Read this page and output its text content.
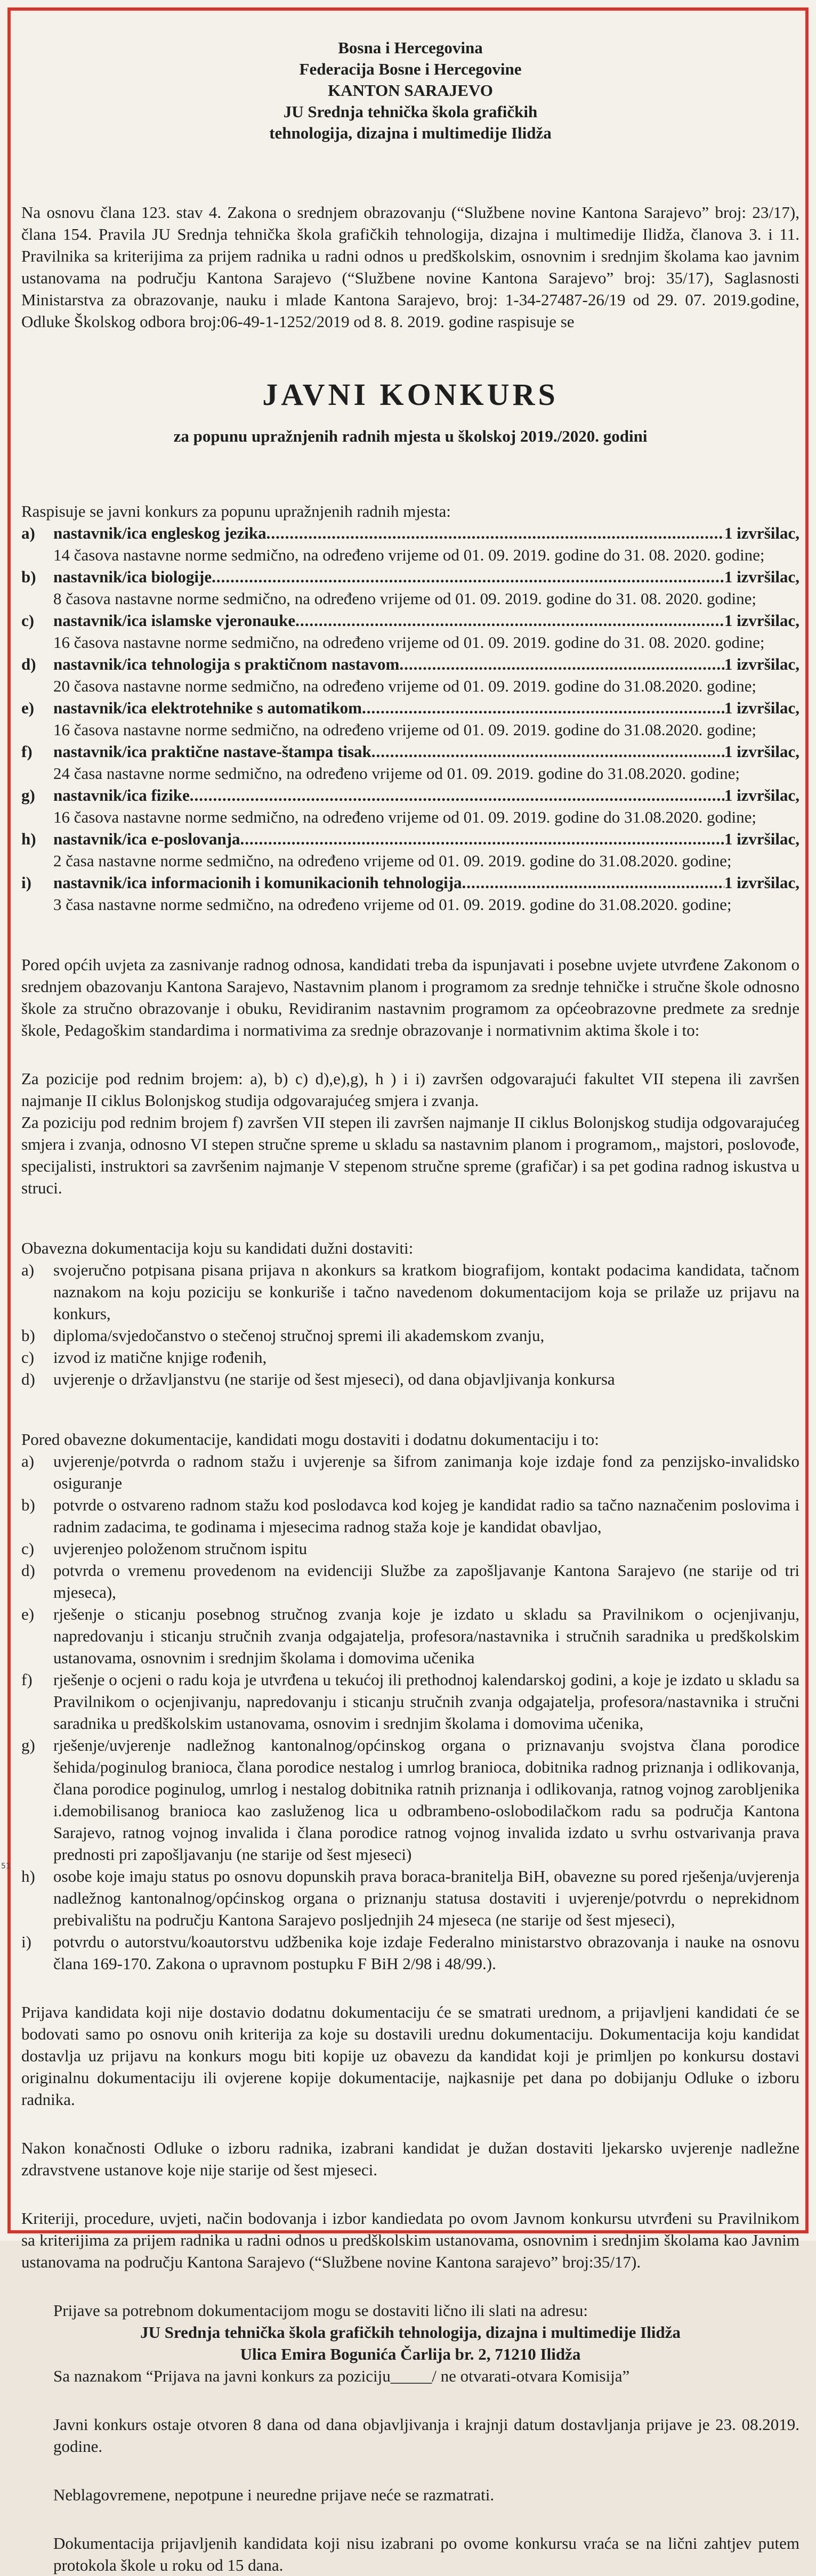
Bosna i Hercegovina
Federacija Bosne i Hercegovine
KANTON SARAJEVO
JU Srednja tehnička škola grafičkih
tehnologija, dizajna i multimedije Ilidža

Na osnovu člana 123. stav 4. Zakona o srednjem obrazovanju (“Službene novine Kantona Sarajevo” broj: 23/17), člana 154. Pravila JU Srednja tehnička škola grafičkih tehnologija, dizajna i multimedije Ilidža, članova 3. i 11. Pravilnika sa kriterijima za prijem radnika u radni odnos u predškolskim, osnovnim i srednjim školama kao javnim ustanovama na području Kantona Sarajevo (“Službene novine Kantona Sarajevo” broj: 35/17), Saglasnosti Ministarstva za obrazovanje, nauku i mlade Kantona Sarajevo, broj: 1-34-27487-26/19 od 29. 07. 2019.godine, Odluke Školskog odbora broj:06-49-1-1252/2019 od 8. 8. 2019. godine raspisuje se

JAVNI KONKURS
za popunu upražnjenih radnih mjesta u školskoj 2019./2020. godini

Raspisuje se javni konkurs za popunu upražnjenih radnih mjesta:

a)	nastavnik/ica engleskog jezika .....	1 izvršilac,
14 časova nastavne norme sedmično, na određeno vrijeme od 01. 09. 2019. godine do 31. 08. 2020. godine;
b)	nastavnik/ica biologije .....	1 izvršilac,
8 časova nastavne norme sedmično, na određeno vrijeme od 01. 09. 2019. godine do 31. 08. 2020. godine;
c)	nastavnik/ica islamske vjeronauke .....	1 izvršilac,
16 časova nastavne norme sedmično, na određeno vrijeme od 01. 09. 2019. godine do 31. 08. 2020. godine;
d)	nastavnik/ica tehnologija s praktičnom nastavom .....	1 izvršilac,
20 časova nastavne norme sedmično, na određeno vrijeme od 01. 09. 2019. godine do 31.08.2020. godine;
e)	nastavnik/ica elektrotehnike s automatikom .....	1 izvršilac,
16 časova nastavne norme sedmično, na određeno vrijeme od 01. 09. 2019. godine do 31.08.2020. godine;
f)	nastavnik/ica praktične nastave-štampa tisak .....	1 izvršilac,
24 časa nastavne norme sedmično, na određeno vrijeme od 01. 09. 2019. godine do 31.08.2020. godine;
g)	nastavnik/ica fizike .....	1 izvršilac,
16 časova nastavne norme sedmično, na određeno vrijeme od 01. 09. 2019. godine do 31.08.2020. godine;
h)	nastavnik/ica e-poslovanja .....	1 izvršilac,
2 časa nastavne norme sedmično, na određeno vrijeme od 01. 09. 2019. godine do 31.08.2020. godine;
i)	nastavnik/ica informacionih i komunikacionih tehnologija .....	1 izvršilac,
3 časa nastavne norme sedmično, na određeno vrijeme od 01. 09. 2019. godine do 31.08.2020. godine;

Pored općih uvjeta za zasnivanje radnog odnosa, kandidati treba da ispunjavati i posebne uvjete utvrđene Zakonom o srednjem obazovanju Kantona Sarajevo, Nastavnim planom i programom za srednje tehničke i stručne škole odnosno škole za stručno obrazovanje i obuku, Revidiranim nastavnim programom za općeobrazovne predmete za srednje škole, Pedagoškim standardima i normativima za srednje obrazovanje i normativnim aktima škole i to:

Za pozicije pod rednim brojem: a), b) c) d),e),g), h ) i i) završen odgovarajući fakultet VII stepena ili završen najmanje II ciklus Bolonjskog studija odgovarajućeg smjera i zvanja.

Za poziciju pod rednim brojem f) završen VII stepen ili završen najmanje II ciklus Bolonjskog studija odgovarajućeg smjera i zvanja, odnosno VI stepen stručne spreme u skladu sa nastavnim planom i programom,, majstori, poslovođe, specijalisti, instruktori sa završenim najmanje V stepenom stručne spreme (grafičar) i sa pet godina radnog iskustva u struci.

Obavezna dokumentacija koju su kandidati dužni dostaviti:

a)	svojeručno potpisana pisana prijava n akonkurs sa kratkom biografijom, kontakt podacima kandidata, tačnom naznakom na koju poziciju se konkuriše i tačno navedenom dokumentacijom koja se prilaže uz prijavu na konkurs,
b)	diploma/svjedočanstvo o stečenoj stručnoj spremi ili akademskom zvanju,
c)	izvod iz matične knjige rođenih,
d)	uvjerenje o državljanstvu (ne starije od šest mjeseci), od dana objavljivanja konkursa

Pored obavezne dokumentacije, kandidati mogu dostaviti i dodatnu dokumentaciju i to:

a)	uvjerenje/potvrda o radnom stažu i uvjerenje sa šifrom zanimanja koje izdaje fond za penzijsko-invalidsko osiguranje
b)	potvrde o ostvareno radnom stažu kod poslodavca kod kojeg je kandidat radio sa tačno naznačenim poslovima i radnim zadacima, te godinama i mjesecima radnog staža koje je kandidat obavljao,
c)	uvjerenjeo položenom stručnom ispitu
d)	potvrda o vremenu provedenom na evidenciji Službe za zapošljavanje Kantona Sarajevo (ne starije od tri mjeseca),
e)	rješenje o sticanju posebnog stručnog zvanja koje je izdato u skladu sa Pravilnikom o ocjenjivanju, napredovanju i sticanju stručnih zvanja odgajatelja, profesora/nastavnika i stručnih saradnika u predškolskim ustanovama, osnovnim i srednjim školama i domovima učenika
f)	rješenje o ocjeni o radu koja je utvrđena u tekućoj ili prethodnoj kalendarskoj godini, a koje je izdato u skladu sa Pravilnikom o ocjenjivanju, napredovanju i sticanju stručnih zvanja odgajatelja, profesora/nastavnika i stručni saradnika u predškolskim ustanovama, osnovim i srednjim školama i domovima učenika,
g)	rješenje/uvjerenje nadležnog kantonalnog/općinskog organa o priznavanju svojstva člana porodice šehida/poginulog branioca, člana porodice nestalog i umrlog branioca, dobitnika radnog priznanja i odlikovanja, člana porodice poginulog, umrlog i nestalog dobitnika ratnih priznanja i odlikovanja, ratnog vojnog zarobljenika i.demobilisanog branioca kao zasluženog lica u odbrambeno-oslobodilačkom radu sa područja Kantona Sarajevo, ratnog vojnog invalida i člana porodice ratnog vojnog invalida izdato u svrhu ostvarivanja prava prednosti pri zapošljavanju (ne starije od šest mjeseci)
h)	osobe koje imaju status po osnovu dopunskih prava boraca-branitelja BiH, obavezne su pored rješenja/uvjerenja nadležnog kantonalnog/općinskog organa o priznanju statusa dostaviti i uvjerenje/potvrdu o neprekidnom prebivalištu na području Kantona Sarajevo posljednjih 24 mjeseca (ne starije od šest mjeseci),
i)	potvrdu o autorstvu/koautorstvu udžbenika koje izdaje Federalno ministarstvo obrazovanja i nauke na osnovu člana 169-170. Zakona o upravnom postupku F BiH 2/98 i 48/99.).

Prijava kandidata koji nije dostavio dodatnu dokumentaciju će se smatrati urednom, a prijavljeni kandidati će se bodovati samo po osnovu onih kriterija za koje su dostavili urednu dokumentaciju. Dokumentacija koju kandidat dostavlja uz prijavu na konkurs mogu biti kopije uz obavezu da kandidat koji je primljen po konkursu dostavi originalnu dokumentaciju ili ovjerene kopije dokumentacije, najkasnije pet dana po dobijanju Odluke o izboru radnika.

Nakon konačnosti Odluke o izboru radnika, izabrani kandidat je dužan dostaviti ljekarsko uvjerenje nadležne zdravstvene ustanove koje nije starije od šest mjeseci.

Kriteriji, procedure, uvjeti, način bodovanja i izbor kandiedata po ovom Javnom konkursu utvrđeni su Pravilnikom sa kriterijima za prijem radnika u radni odnos u predškolskim ustanovama, osnovnim i srednjim školama kao Javnim ustanovama na području Kantona Sarajevo (“Službene novine Kantona sarajevo” broj:35/17).

Prijave sa potrebnom dokumentacijom mogu se dostaviti lično ili slati na adresu:

JU Srednja tehnička škola grafičkih tehnologija, dizajna i multimedije Ilidža
Ulica Emira Bogunića Čarlija br. 2, 71210 Ilidža

Sa naznakom “Prijava na javni konkurs za poziciju_____/ ne otvarati-otvara Komisija”

Javni konkurs ostaje otvoren 8 dana od dana objavljivanja i krajnji datum dostavljanja prijave je 23. 08.2019. godine.

Neblagovremene, nepotpune i neuredne prijave neće se razmatrati.

Dokumentacija prijavljenih kandidata koji nisu izabrani po ovome konkursu vraća se na lični zahtjev putem protokola škole u roku od 15 dana.

51
